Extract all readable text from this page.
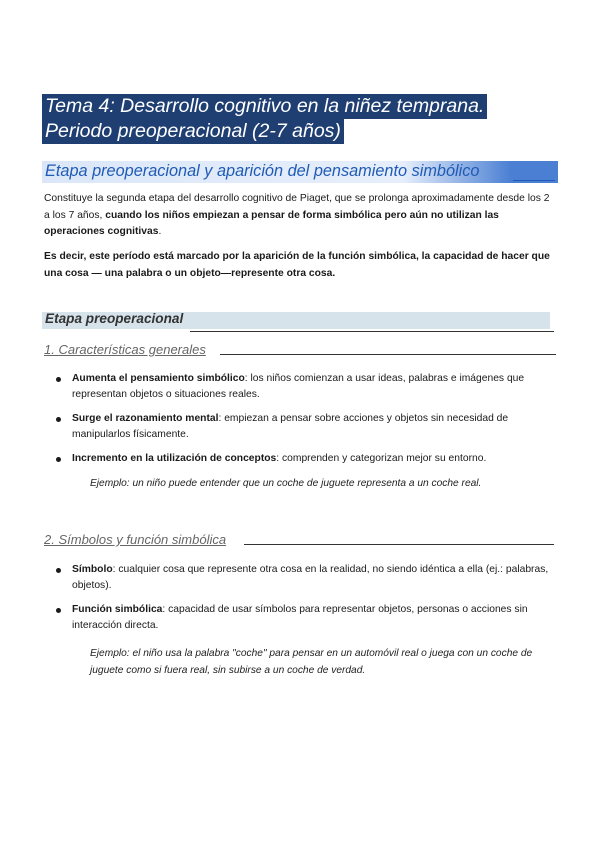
Tema 4: Desarrollo cognitivo en la niñez temprana.
Periodo preoperacional (2-7 años)
Etapa preoperacional y aparición del pensamiento simbólico
Constituye la segunda etapa del desarrollo cognitivo de Piaget, que se prolonga aproximadamente desde los 2 a los 7 años, cuando los niños empiezan a pensar de forma simbólica pero aún no utilizan las operaciones cognitivas.
Es decir, este período está marcado por la aparición de la función simbólica, la capacidad de hacer que una cosa — una palabra o un objeto—represente otra cosa.
Etapa preoperacional
1. Características generales
Aumenta el pensamiento simbólico: los niños comienzan a usar ideas, palabras e imágenes que representan objetos o situaciones reales.
Surge el razonamiento mental: empiezan a pensar sobre acciones y objetos sin necesidad de manipularlos físicamente.
Incremento en la utilización de conceptos: comprenden y categorizan mejor su entorno.
Ejemplo: un niño puede entender que un coche de juguete representa a un coche real.
2. Símbolos y función simbólica
Símbolo: cualquier cosa que represente otra cosa en la realidad, no siendo idéntica a ella (ej.: palabras, objetos).
Función simbólica: capacidad de usar símbolos para representar objetos, personas o acciones sin interacción directa.
Ejemplo: el niño usa la palabra "coche" para pensar en un automóvil real o juega con un coche de juguete como si fuera real, sin subirse a un coche de verdad.
